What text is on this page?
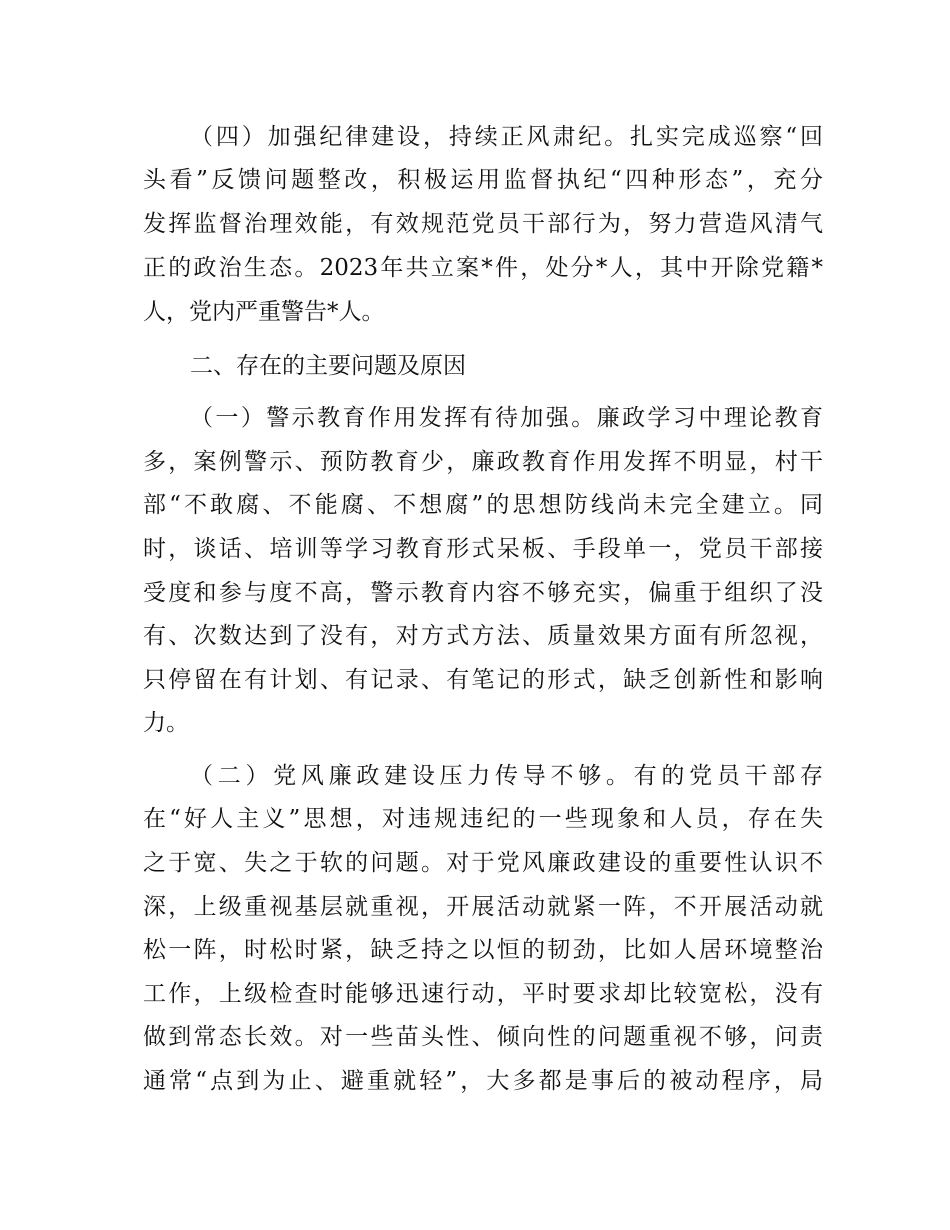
（四）加强纪律建设，持续正风肃纪。扎实完成巡察“回
头看”反馈问题整改，积极运用监督执纪“四种形态”，充分
发挥监督治理效能，有效规范党员干部行为，努力营造风清气
正的政治生态。2023年共立案*件，处分*人，其中开除党籍*
人，党内严重警告*人。
二、存在的主要问题及原因
（一）警示教育作用发挥有待加强。廉政学习中理论教育
多，案例警示、预防教育少，廉政教育作用发挥不明显，村干
部“不敢腐、不能腐、不想腐”的思想防线尚未完全建立。同
时，谈话、培训等学习教育形式呆板、手段单一，党员干部接
受度和参与度不高，警示教育内容不够充实，偏重于组织了没
有、次数达到了没有，对方式方法、质量效果方面有所忽视，
只停留在有计划、有记录、有笔记的形式，缺乏创新性和影响
力。
（二）党风廉政建设压力传导不够。有的党员干部存
在“好人主义”思想，对违规违纪的一些现象和人员，存在失
之于宽、失之于软的问题。对于党风廉政建设的重要性认识不
深，上级重视基层就重视，开展活动就紧一阵，不开展活动就
松一阵，时松时紧，缺乏持之以恒的韧劲，比如人居环境整治
工作，上级检查时能够迅速行动，平时要求却比较宽松，没有
做到常态长效。对一些苗头性、倾向性的问题重视不够，问责
通常“点到为止、避重就轻”，大多都是事后的被动程序，局
